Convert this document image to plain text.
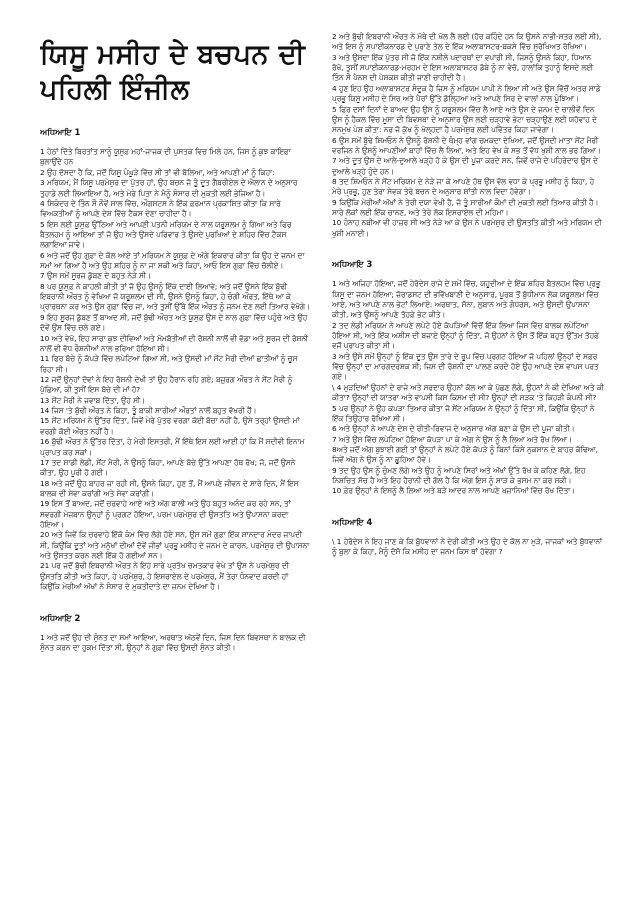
ਯਿਸੂ ਮਸੀਹ ਦੇ ਬਚਪਨ ਦੀ ਪਹਿਲੀ ਇੰਜੀਲ
ਅਧਿਆਇ 1

1 ਹੇਠਾਂ ਦਿੱਤੇ ਬਿਰਤਾਂਤ ਸਾਨੂੰ ਯੂਸੁਫ਼ ਮਹਾਂ-ਜਾਜਕ ਦੀ ਪੁਸਤਕ ਵਿਚ ਮਿਲੇ ਹਨ, ਜਿਸ ਨੂੰ ਕੁਝ ਕਾਇਫ਼ਾ ਬੁਲਾਉਂਦੇ ਹਨ

2 ਉਹ ਦੱਸਦਾ ਹੈ ਕਿ, ਜਦੋਂ ਯਿਸੂ ਪੰਘੂੜੇ ਵਿੱਚ ਸੀ ਤਾਂ ਵੀ ਬੋਲਿਆ, ਅਤੇ ਆਪਣੀ ਮਾਂ ਨੂੰ ਕਿਹਾ:

3 ਮਰਿਯਮ, ਮੈਂ ਯਿਸੂ ਪਰਮੇਸ਼ੁਰ ਦਾ ਪੁੱਤਰ ਹਾਂ, ਉਹ ਬਚਨ ਜੋ ਤੂੰ ਦੂਤ ਗੈਬਰੀਏਲ ਦੇ ਐਲਾਨ ਦੇ ਅਨੁਸਾਰ ਤੁਹਾਡੇ ਲਈ ਲਿਆਇਆ ਹੈ, ਅਤੇ ਮੇਰੇ ਪਿਤਾ ਨੇ ਮੈਨੂੰ ਸੰਸਾਰ ਦੀ ਮੁਕਤੀ ਲਈ ਭੇਜਿਆ ਹੈ।

4 ਸਿਕੰਦਰ ਦੇ ਤਿੰਨ ਸੌ ਨੌਵੇਂ ਸਾਲ ਵਿੱਚ, ਔਗਸਟਸ ਨੇ ਇੱਕ ਫ਼ਰਮਾਨ ਪ੍ਰਕਾਸ਼ਿਤ ਕੀਤਾ ਕਿ ਸਾਰੇ ਵਿਅਕਤੀਆਂ ਨੂੰ ਆਪਣੇ ਦੇਸ਼ ਵਿੱਚ ਟੈਕਸ ਦੇਣਾ ਚਾਹੀਦਾ ਹੈ।

5 ਇਸ ਲਈ ਯੂਸੁਫ਼ ਉੱਠਿਆ ਅਤੇ ਆਪਣੀ ਪਤਨੀ ਮਰਿਯਮ ਦੇ ਨਾਲ ਯਰੂਸ਼ਲਮ ਨੂੰ ਗਿਆ ਅਤੇ ਫਿਰ ਬੈਤਲਹਮ ਨੂੰ ਆਇਆ ਤਾਂ ਜੋ ਉਹ ਅਤੇ ਉਸਦੇ ਪਰਿਵਾਰ ਤੇ ਉਸਦੇ ਪੁਰਖਿਆਂ ਦੇ ਸ਼ਹਿਰ ਵਿੱਚ ਟੈਕਸ ਲਗਾਇਆ ਜਾਵੇ।

6 ਅਤੇ ਜਦੋਂ ਉਹ ਗੁਫ਼ਾ ਦੇ ਕੋਲ ਆਏ ਤਾਂ ਮਰਿਯਮ ਨੇ ਯੂਸੁਫ਼ ਦੇ ਅੱਗੇ ਇਕਰਾਰ ਕੀਤਾ ਕਿ ਉਹ ਦੇ ਜਨਮ ਦਾ ਸਮਾਂ ਆ ਗਿਆ ਹੈ ਅਤੇ ਉਹ ਸ਼ਹਿਰ ਨੂੰ ਨਾ ਜਾ ਸਕੀ ਅਤੇ ਕਿਹਾ, ਆਓ ਇਸ ਗੁਫ਼ਾ ਵਿੱਚ ਚੱਲੀਏ।

7 ਉਸ ਸਮੇਂ ਸੂਰਜ ਡੁੱਬਣ ਦੇ ਬਹੁਤ ਨੇੜੇ ਸੀ।

8 ਪਰ ਯੂਸੁਫ਼ ਨੇ ਕਾਹਲੀ ਕੀਤੀ ਤਾਂ ਜੋ ਉਹ ਉਸਨੂੰ ਇੱਕ ਦਾਈ ਲਿਆਵੇ; ਅਤੇ ਜਦੋਂ ਉਸਨੇ ਇੱਕ ਬੁੱਢੀ ਇਬਰਾਨੀ ਔਰਤ ਨੂੰ ਵੇਖਿਆ ਜੋ ਯਰੂਸ਼ਲਮ ਦੀ ਸੀ, ਉਸਨੇ ਉਸਨੂੰ ਕਿਹਾ, ਹੇ ਚੰਗੀ ਔਰਤ, ਇੱਥੇ ਆ ਕੇ ਪ੍ਰਾਰਥਨਾ ਕਰ ਅਤੇ ਉਸ ਗੁਫ਼ਾ ਵਿੱਚ ਜਾ, ਅਤੇ ਤੁਸੀਂ ਉੱਥੇ ਇੱਕ ਔਰਤ ਨੂੰ ਜਨਮ ਦੇਣ ਲਈ ਤਿਆਰ ਵੇਖੋਗੇ।

9 ਇਹ ਸੂਰਜ ਡੁੱਬਣ ਤੋਂ ਬਾਅਦ ਸੀ, ਜਦੋਂ ਬੁੱਢੀ ਔਰਤ ਅਤੇ ਯੂਸੁਫ਼ ਉਸ ਦੇ ਨਾਲ ਗੁਫ਼ਾ ਵਿੱਚ ਪਹੁੰਚੇ ਅਤੇ ਉਹ ਦੋਵੇਂ ਉਸ ਵਿੱਚ ਚਲੇ ਗਏ।

10 ਅਤੇ ਵੇਖੋ, ਇਹ ਸਾਰਾ ਕੁਝ ਦੀਵਿਆਂ ਅਤੇ ਮੋਮਬੱਤੀਆਂ ਦੀ ਰੋਸ਼ਨੀ ਨਾਲੋਂ ਵੀ ਵੱਡਾ ਅਤੇ ਸੂਰਜ ਦੀ ਰੋਸ਼ਨੀ ਨਾਲੋਂ ਵੀ ਵੱਧ ਰੌਸ਼ਨੀਆਂ ਨਾਲ ਭਰਿਆ ਹੋਇਆ ਸੀ।

11 ਫਿਰ ਬੱਚੇ ਨੂੰ ਕੱਪੜੇ ਵਿੱਚ ਲਪੇਟਿਆ ਗਿਆ ਸੀ, ਅਤੇ ਉਸਦੀ ਮਾਂ ਸੇਂਟ ਮੈਰੀ ਦੀਆਂ ਛਾਤੀਆਂ ਨੂੰ ਚੂਸ ਰਿਹਾ ਸੀ।

12 ਜਦੋਂ ਉਨ੍ਹਾਂ ਦੋਵਾਂ ਨੇ ਇਹ ਰੋਸ਼ਨੀ ਦੇਖੀ ਤਾਂ ਉਹ ਹੈਰਾਨ ਰਹਿ ਗਏ; ਬਜ਼ੁਰਗ ਔਰਤ ਨੇ ਸੇਂਟ ਮੈਰੀ ਨੂੰ ਪੁੱਛਿਆ, ਕੀ ਤੁਸੀਂ ਇਸ ਬੱਚੇ ਦੀ ਮਾਂ ਹੋ?

13 ਸੇਂਟ ਮੈਰੀ ਨੇ ਜਵਾਬ ਦਿੱਤਾ, ਉਹ ਸੀ।

14 ਜਿਸ 'ਤੇ ਬੁੱਢੀ ਔਰਤ ਨੇ ਕਿਹਾ, ਤੂੰ ਬਾਕੀ ਸਾਰੀਆਂ ਔਰਤਾਂ ਨਾਲੋਂ ਬਹੁਤ ਵੱਖਰੀ ਹੈਂ।

15 ਸੇਂਟ ਮਰਿਯਮ ਨੇ ਉੱਤਰ ਦਿੱਤਾ, ਜਿਵੇਂ ਮੇਰੇ ਪੁੱਤਰ ਵਰਗਾ ਕੋਈ ਬੱਚਾ ਨਹੀਂ ਹੈ, ਉਸੇ ਤਰ੍ਹਾਂ ਉਸਦੀ ਮਾਂ ਵਰਗੀ ਕੋਈ ਔਰਤ ਨਹੀਂ ਹੈ।

16 ਬੁੱਢੀ ਔਰਤ ਨੇ ਉੱਤਰ ਦਿੱਤਾ, ਹੇ ਮੇਰੀ ਇਸਤਰੀ, ਮੈਂ ਇੱਥੇ ਇਸ ਲਈ ਆਈ ਹਾਂ ਕਿ ਮੈਂ ਸਦੀਵੀ ਇਨਾਮ ਪ੍ਰਾਪਤ ਕਰ ਸਕਾਂ।

17 ਤਦ ਸਾਡੀ ਲੇਡੀ, ਸੇਂਟ ਮੈਰੀ, ਨੇ ਉਸਨੂੰ ਕਿਹਾ, ਆਪਣੇ ਬੱਚੇ ਉੱਤੇ ਆਪਣਾ ਹੱਥ ਰੱਖ; ਜੋ, ਜਦੋਂ ਉਸਨੇ ਕੀਤਾ, ਉਹ ਪੂਰੀ ਹੋ ਗਈ।

18 ਅਤੇ ਜਦੋਂ ਉਹ ਬਾਹਰ ਜਾ ਰਹੀ ਸੀ, ਉਸਨੇ ਕਿਹਾ, ਹੁਣ ਤੋਂ, ਮੈਂ ਆਪਣੇ ਜੀਵਨ ਦੇ ਸਾਰੇ ਦਿਨ, ਮੈਂ ਇਸ ਬਾਲਕ ਦੀ ਸੇਵਾ ਕਰਾਂਗੀ ਅਤੇ ਸੇਵਾ ਕਰਾਂਗੀ।

19 ਇਸ ਤੋਂ ਬਾਅਦ, ਜਦੋਂ ਚਰਵਾਹੇ ਆਏ ਅਤੇ ਅੱਗ ਬਾਲੀ ਅਤੇ ਉਹ ਬਹੁਤ ਅਨੰਦ ਕਰ ਰਹੇ ਸਨ, ਤਾਂ ਸਵਰਗੀ ਮੇਜ਼ਬਾਨ ਉਨ੍ਹਾਂ ਨੂੰ ਪ੍ਰਗਟ ਹੋਇਆ, ਪਰਮ ਪਰਮੇਸ਼ੁਰ ਦੀ ਉਸਤਤਿ ਅਤੇ ਉਪਾਸਨਾ ਕਰਦਾ ਹੋਇਆ।

20 ਅਤੇ ਜਿਵੇਂ ਕਿ ਚਰਵਾਹੇ ਇੱਕੋ ਕੰਮ ਵਿੱਚ ਲੱਗੇ ਹੋਏ ਸਨ, ਉਸ ਸਮੇਂ ਗੁਫ਼ਾ ਇੱਕ ਸ਼ਾਨਦਾਰ ਮੰਦਰ ਜਾਪਦੀ ਸੀ, ਕਿਉਂਕਿ ਦੂਤਾਂ ਅਤੇ ਮਨੁੱਖਾਂ ਦੀਆਂ ਦੋਵੇਂ ਜੀਭਾਂ ਪ੍ਰਭੂ ਮਸੀਹ ਦੇ ਜਨਮ ਦੇ ਕਾਰਨ, ਪਰਮੇਸ਼ੁਰ ਦੀ ਉਪਾਸਨਾ ਅਤੇ ਉਸਤਤ ਕਰਨ ਲਈ ਇੱਕ ਹੋ ਗਈਆਂ ਸਨ।

21 ਪਰ ਜਦੋਂ ਬੁੱਢੀ ਇਬਰਾਨੀ ਔਰਤ ਨੇ ਇਹ ਸਾਰੇ ਪ੍ਰਤੱਖ ਚਮਤਕਾਰ ਵੇਖੇ ਤਾਂ ਉਸ ਨੇ ਪਰਮੇਸ਼ੁਰ ਦੀ ਉਸਤਤਿ ਕੀਤੀ ਅਤੇ ਕਿਹਾ, ਹੇ ਪਰਮੇਸ਼ੁਰ, ਹੇ ਇਸਰਾਏਲ ਦੇ ਪਰਮੇਸ਼ੁਰ, ਮੈਂ ਤੇਰਾ ਧੰਨਵਾਦ ਕਰਦੀ ਹਾਂ ਕਿਉਂਕਿ ਮੇਰੀਆਂ ਅੱਖਾਂ ਨੇ ਸੰਸਾਰ ਦੇ ਮੁਕਤੀਦਾਤੇ ਦਾ ਜਨਮ ਦੇਖਿਆ ਹੈ।

ਅਧਿਆਇ 2

1 ਅਤੇ ਜਦੋਂ ਉਹ ਦੀ ਸੁੰਨਤ ਦਾ ਸਮਾਂ ਆਇਆ, ਅਰਥਾਤ ਅੱਠਵੇਂ ਦਿਨ, ਜਿਸ ਦਿਨ ਬਿਵਸਥਾ ਨੇ ਬਾਲਕ ਦੀ ਸੁੰਨਤ ਕਰਨ ਦਾ ਹੁਕਮ ਦਿੱਤਾ ਸੀ, ਉਨ੍ਹਾਂ ਨੇ ਗੁਫ਼ਾ ਵਿੱਚ ਉਸਦੀ ਸੁੰਨਤ ਕੀਤੀ।

2 ਅਤੇ ਬੁੱਢੀ ਇਬਰਾਨੀ ਔਰਤ ਨੇ ਮੱਥੇ ਦੀ ਖੱਲ ਲੈ ਲਈ (ਹੋਰ ਕਹਿੰਦੇ ਹਨ ਕਿ ਉਸਨੇ ਨਾਭੀ-ਸਤਰ ਲਈ ਸੀ), ਅਤੇ ਇਸ ਨੂੰ ਸਪਾਈਕਨਾਰਡ ਦੇ ਪੁਰਾਣੇ ਤੇਲ ਦੇ ਇੱਕ ਅਲਾਬਾਸਟਰ-ਬਕਸੇ ਵਿੱਚ ਸੁਰੱਖਿਅਤ ਰੱਖਿਆ।

3 ਅਤੇ ਉਸਦਾ ਇੱਕ ਪੁੱਤਰ ਸੀ ਜੋ ਇੱਕ ਨਸ਼ੀਲੇ ਪਦਾਰਥਾਂ ਦਾ ਵਪਾਰੀ ਸੀ, ਜਿਸਨੂੰ ਉਸਨੇ ਕਿਹਾ, ਧਿਆਨ ਰੱਖੋ, ਤੁਸੀਂ ਸਪਾਈਕਨਾਰਡ-ਮਰਹਮ ਦੇ ਇਸ ਅਲਾਬਾਸਟਰ ਡੱਬੇ ਨੂੰ ਨਾ ਵੇਚੋ, ਹਾਲਾਂਕਿ ਤੁਹਾਨੂੰ ਇਸਦੇ ਲਈ ਤਿੰਨ ਸੌ ਪੈਨਸ ਦੀ ਪੇਸ਼ਕਸ਼ ਕੀਤੀ ਜਾਣੀ ਚਾਹੀਦੀ ਹੈ।

4 ਹੁਣ ਇਹ ਉਹ ਅਲਾਬਾਸਟਰ ਸੰਦੂਕ ਹੈ ਜਿਸ ਨੂੰ ਮਰਿਯਮ ਪਾਪੀ ਨੇ ਲਿਆ ਸੀ ਅਤੇ ਉਸ ਵਿੱਚੋਂ ਅਤਰ ਸਾਡੇ ਪ੍ਰਭੂ ਯਿਸੂ ਮਸੀਹ ਦੇ ਸਿਰ ਅਤੇ ਪੈਰਾਂ ਉੱਤੇ ਡੋਲ੍ਹਿਆ ਅਤੇ ਆਪਣੇ ਸਿਰ ਦੇ ਵਾਲਾਂ ਨਾਲ ਪੂੰਝਿਆ।

5 ਫਿਰ ਦਸਾਂ ਦਿਨਾਂ ਦੇ ਬਾਅਦ ਉਹ ਉਸ ਨੂੰ ਯਰੂਸ਼ਲਮ ਵਿੱਚ ਲੈ ਆਏ ਅਤੇ ਉਸ ਦੇ ਜਨਮ ਦੇ ਚਾਲੀਵੇਂ ਦਿਨ ਉਸ ਨੂੰ ਹੈਕਲ ਵਿੱਚ ਮੂਸਾ ਦੀ ਬਿਵਸਥਾ ਦੇ ਅਨੁਸਾਰ ਉਸ ਲਈ ਚੜ੍ਹਾਵੇ ਭੇਟਾ ਚੜ੍ਹਾਉਣ ਲਈ ਯਹੋਵਾਹ ਦੇ ਸਨਮੁਖ ਪੇਸ਼ ਕੀਤਾ: ਨਰ ਜੋ ਕੁੱਖ ਨੂੰ ਖੋਲ੍ਹਦਾ ਹੈ ਪਰਮੇਸ਼ੁਰ ਲਈ ਪਵਿੱਤਰ ਕਿਹਾ ਜਾਵੇਗਾ।

6 ਉਸ ਸਮੇਂ ਬੁੱਢੇ ਸ਼ਿਮਓਨ ਨੇ ਉਸਨੂੰ ਰੋਸ਼ਨੀ ਦੇ ਥੰਮ੍ਹ ਵਾਂਗ ਚਮਕਦਾ ਦੇਖਿਆ, ਜਦੋਂ ਉਸਦੀ ਮਾਤਾ ਸੇਂਟ ਮੈਰੀ ਵਰਜਿਨ ਨੇ ਉਸਨੂੰ ਆਪਣੀਆਂ ਬਾਹਾਂ ਵਿੱਚ ਲੈ ਲਿਆ, ਅਤੇ ਇਹ ਵੇਖ ਕੇ ਸਭ ਤੋਂ ਵੱਧ ਖੁਸ਼ੀ ਨਾਲ ਭਰ ਗਿਆ।

7 ਅਤੇ ਦੂਤ ਉਸ ਦੇ ਆਲੇ-ਦੁਆਲੇ ਖੜ੍ਹੇ ਹੋ ਕੇ ਉਸ ਦੀ ਪੂਜਾ ਕਰਦੇ ਸਨ, ਜਿਵੇਂ ਰਾਜੇ ਦੇ ਪਹਿਰੇਦਾਰ ਉਸ ਦੇ ਦੁਆਲੇ ਖੜ੍ਹੇ ਹੁੰਦੇ ਹਨ।

8 ਤਦ ਸ਼ਿਮਓਨ ਨੇ ਸੇਂਟ ਮਰਿਯਮ ਦੇ ਨੇੜੇ ਜਾ ਕੇ ਆਪਣੇ ਹੱਥ ਉਸ ਵੱਲ ਵਧਾ ਕੇ ਪ੍ਰਭੂ ਮਸੀਹ ਨੂੰ ਕਿਹਾ, ਹੇ ਮੇਰੇ ਪ੍ਰਭੂ, ਹੁਣ ਤੇਰਾ ਸੇਵਕ ਤੇਰੇ ਬਚਨ ਦੇ ਅਨੁਸਾਰ ਸ਼ਾਂਤੀ ਨਾਲ ਵਿਦਾ ਹੋਵੇਗਾ।

9 ਕਿਉਂਕਿ ਮੇਰੀਆਂ ਅੱਖਾਂ ਨੇ ਤੇਰੀ ਦਯਾ ਵੇਖੀ ਹੈ, ਜੋ ਤੂੰ ਸਾਰੀਆਂ ਕੌਮਾਂ ਦੀ ਮੁਕਤੀ ਲਈ ਤਿਆਰ ਕੀਤੀ ਹੈ। ਸਾਰੇ ਲੋਕਾਂ ਲਈ ਇੱਕ ਚਾਨਣ, ਅਤੇ ਤੇਰੇ ਲੋਕ ਇਸਰਾਏਲ ਦੀ ਮਹਿਮਾ।

10 ਹੰਨਾਹ ਨਬੀਆ ਵੀ ਹਾਜ਼ਰ ਸੀ ਅਤੇ ਨੇੜੇ ਆ ਕੇ ਉਸ ਨੇ ਪਰਮੇਸ਼ੁਰ ਦੀ ਉਸਤਤਿ ਕੀਤੀ ਅਤੇ ਮਰਿਯਮ ਦੀ ਖੁਸ਼ੀ ਮਨਾਈ।

ਅਧਿਆਇ 3

1 ਅਤੇ ਅਜਿਹਾ ਹੋਇਆ, ਜਦੋਂ ਹੇਰੋਦੇਸ ਰਾਜੇ ਦੇ ਸਮੇਂ ਵਿੱਚ, ਯਹੂਦੀਆ ਦੇ ਇੱਕ ਸ਼ਹਿਰ ਬੈਤਲਹਮ ਵਿੱਚ ਪ੍ਰਭੂ ਯਿਸੂ ਦਾ ਜਨਮ ਹੋਇਆ; ਜ਼ੋਰਾਡਸਟ ਦੀ ਭਵਿੱਖਬਾਣੀ ਦੇ ਅਨੁਸਾਰ, ਪੂਰਬ ਤੋਂ ਬੁੱਧੀਮਾਨ ਲੋਕ ਯਰੂਸ਼ਲਮ ਵਿੱਚ ਆਏ, ਅਤੇ ਆਪਣੇ ਨਾਲ ਭੇਟਾਂ ਲਿਆਏ: ਅਰਥਾਤ, ਸੋਨਾ, ਲੁਬਾਨ ਅਤੇ ਗੰਧਰਸ, ਅਤੇ ਉਸਦੀ ਉਪਾਸਨਾ ਕੀਤੀ, ਅਤੇ ਉਸਨੂੰ ਆਪਣੇ ਤੋਹਫ਼ੇ ਭੇਟ ਕੀਤੇ।

2 ਤਦ ਲੇਡੀ ਮਰਿਯਮ ਨੇ ਆਪਣੇ ਲਪੇਟੇ ਹੋਏ ਕੱਪੜਿਆਂ ਵਿੱਚੋਂ ਇੱਕ ਲਿਆ ਜਿਸ ਵਿੱਚ ਬਾਲਕ ਲਪੇਟਿਆ ਹੋਇਆ ਸੀ, ਅਤੇ ਇੱਕ ਅਸ਼ੀਸ ਦੀ ਬਜਾਏ ਉਨ੍ਹਾਂ ਨੂੰ ਦਿੱਤਾ, ਜੋ ਉਹਨਾਂ ਨੇ ਉਸ ਤੋਂ ਇੱਕ ਬਹੁਤ ਉੱਤਮ ਤੋਹਫ਼ੇ ਵਜੋਂ ਪ੍ਰਾਪਤ ਕੀਤਾ ਸੀ।

3 ਅਤੇ ਉਸੇ ਸਮੇਂ ਉਨ੍ਹਾਂ ਨੂੰ ਇੱਕ ਦੂਤ ਉਸ ਤਾਰੇ ਦੇ ਰੂਪ ਵਿੱਚ ਪ੍ਰਗਟ ਹੋਇਆ ਜੋ ਪਹਿਲਾਂ ਉਨ੍ਹਾਂ ਦੇ ਸਫ਼ਰ ਵਿੱਚ ਉਨ੍ਹਾਂ ਦਾ ਮਾਰਗਦਰਸ਼ਕ ਸੀ; ਜਿਸ ਦੀ ਰੋਸ਼ਨੀ ਦਾ ਪਾਲਣ ਕਰਦੇ ਹੋਏ ਉਹ ਆਪਣੇ ਦੇਸ਼ ਵਾਪਸ ਪਰਤ ਗਏ।

\ 4 ਮੁੜਦਿਆਂ ਉਹਨਾਂ ਦੇ ਰਾਜੇ ਅਤੇ ਸਰਦਾਰ ਉਹਨਾਂ ਕੋਲ ਆ ਕੇ ਪੁੱਛਣ ਲੱਗੇ, ਉਹਨਾਂ ਨੇ ਕੀ ਦੇਖਿਆ ਅਤੇ ਕੀ ਕੀਤਾ? ਉਨ੍ਹਾਂ ਦੀ ਯਾਤਰਾ ਅਤੇ ਵਾਪਸੀ ਕਿਸ ਕਿਸਮ ਦੀ ਸੀ? ਉਨ੍ਹਾਂ ਦੀ ਸੜਕ 'ਤੇ ਕਿਹੜੀ ਕੰਪਨੀ ਸੀ?

5 ਪਰ ਉਨ੍ਹਾਂ ਨੇ ਉਹ ਕਪੜਾ ਤਿਆਰ ਕੀਤਾ ਜੋ ਸੇਂਟ ਮਰਿਯਮ ਨੇ ਉਨ੍ਹਾਂ ਨੂੰ ਦਿੱਤਾ ਸੀ, ਕਿਉਂਕਿ ਉਨ੍ਹਾਂ ਨੇ ਇੱਕ ਤਿਉਹਾਰ ਰੱਖਿਆ ਸੀ।

6 ਅਤੇ ਉਨ੍ਹਾਂ ਨੇ ਆਪਣੇ ਦੇਸ਼ ਦੇ ਰੀਤੀ-ਰਿਵਾਜ ਦੇ ਅਨੁਸਾਰ ਅੱਗ ਬਣਾ ਕੇ ਉਸ ਦੀ ਪੂਜਾ ਕੀਤੀ।

7 ਅਤੇ ਉਸ ਵਿੱਚ ਲਪੇਟਿਆ ਹੋਇਆ ਕੱਪੜਾ ਪਾ ਕੇ ਅੱਗ ਨੇ ਉਸ ਨੂੰ ਲੈ ਲਿਆ ਅਤੇ ਰੱਖ ਲਿਆ।

8ਅਤੇ ਜਦੋਂ ਅੱਗ ਬੁਝਾਈ ਗਈ ਤਾਂ ਉਨ੍ਹਾਂ ਨੇ ਲਪੇਟੇ ਹੋਏ ਕੱਪੜੇ ਨੂੰ ਬਿਨਾਂ ਕਿਸੇ ਨੁਕਸਾਨ ਦੇ ਬਾਹਰ ਕੱਢਿਆ, ਜਿਵੇਂ ਅੱਗ ਨੇ ਉਸ ਨੂੰ ਨਾ ਛੂਹਿਆ ਹੋਵੇ।

9 ਤਦ ਉਹ ਉਸ ਨੂੰ ਚੁੰਮਣ ਲੱਗੇ ਅਤੇ ਉਹ ਨੂੰ ਆਪਣੇ ਸਿਰਾਂ ਅਤੇ ਅੱਖਾਂ ਉੱਤੇ ਰੱਖ ਕੇ ਕਹਿਣ ਲੱਗੇ, ਇਹ ਨਿਸ਼ਚਿਤ ਸੱਚ ਹੈ ਅਤੇ ਇਹ ਹੈਰਾਨੀ ਦੀ ਗੱਲ ਹੈ ਕਿ ਅੱਗ ਇਸ ਨੂੰ ਸਾੜ ਕੇ ਭਸਮ ਨਾ ਕਰ ਸਕੀ।

10 ਫ਼ੇਰ ਉਨ੍ਹਾਂ ਨੇ ਇਸਨੂੰ ਲੈ ਲਿਆ ਅਤੇ ਬੜੇ ਆਦਰ ਨਾਲ ਆਪਣੇ ਖ਼ਜ਼ਾਨਿਆਂ ਵਿੱਚ ਰੱਖ ਦਿੱਤਾ।

ਅਧਿਆਇ 4

\ 1 ਹੇਰੋਦੇਸ ਨੇ ਇਹ ਜਾਣ ਕੇ ਕਿ ਬੁੱਧਵਾਨਾਂ ਨੇ ਦੇਰੀ ਕੀਤੀ ਅਤੇ ਉਹ ਦੇ ਕੋਲ ਨਾ ਮੁੜੇ, ਜਾਜਕਾਂ ਅਤੇ ਬੁੱਧਵਾਨਾਂ ਨੂੰ ਬੁਲਾ ਕੇ ਕਿਹਾ, ਮੈਨੂੰ ਦੱਸੋ ਕਿ ਮਸੀਹ ਦਾ ਜਨਮ ਕਿਸ ਥਾਂ ਹੋਵੇਗਾ ?
